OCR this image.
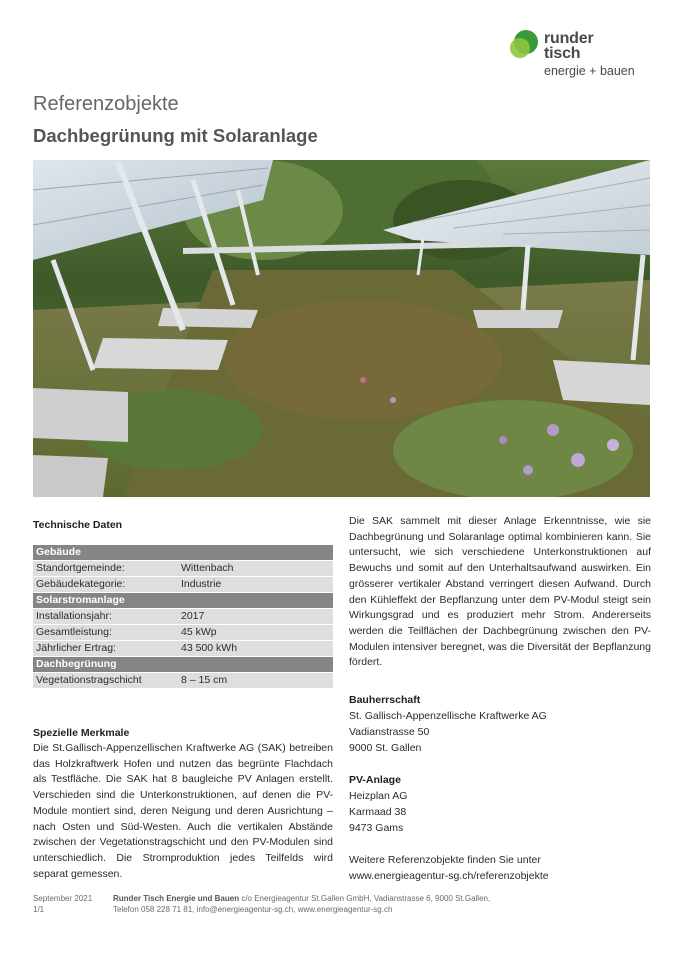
runder
tisch
energie + bauen
Referenzobjekte
Dachbegrünung mit Solaranlage
Technische Daten
Gebäude
Standortgemeinde:	Wittenbach
Gebäudekategorie:	Industrie
Solarstromanlage
Installationsjahr:	2017
Gesamtleistung:	45 kWp
Jährlicher Ertrag:	43 500 kWh
Dachbegrünung
Vegetationstragschicht	8 – 15 cm
Spezielle Merkmale
Die St.Gallisch-Appenzellischen Kraftwerke AG (SAK) betreiben das Holzkraftwerk Hofen und nutzen das begrünte Flachdach als Testfläche. Die SAK hat 8 baugleiche PV Anlagen erstellt. Verschieden sind die Unterkonstruktionen, auf denen die PV-Module montiert sind, deren Neigung und deren Ausrichtung – nach Osten und Süd-Westen. Auch die vertikalen Abstände zwischen der Vegetationstragschicht und den PV-Modulen sind unterschiedlich. Die Stromproduktion jedes Teilfelds wird separat gemessen.
Die SAK sammelt mit dieser Anlage Erkenntnisse, wie sie Dachbegrünung und Solaranlage optimal kombinieren kann. Sie untersucht, wie sich verschiedene Unterkonstruktionen auf Bewuchs und somit auf den Unterhaltsaufwand auswirken. Ein grösserer vertikaler Abstand verringert diesen Aufwand. Durch den Kühleffekt der Bepflanzung unter dem PV-Modul steigt sein Wirkungsgrad und es produziert mehr Strom. Andererseits werden die Teilflächen der Dachbegrünung zwischen den PV-Modulen intensiver beregnet, was die Diversität der Bepflanzung fördert.
Bauherrschaft
St. Gallisch-Appenzellische Kraftwerke AG
Vadianstrasse 50
9000 St. Gallen
PV-Anlage
Heizplan AG
Karmaad 38
9473 Gams
Weitere Referenzobjekte finden Sie unter
www.energieagentur-sg.ch/referenzobjekte
September 2021
1/1
Runder Tisch Energie und Bauen c/o Energieagentur St.Gallen GmbH, Vadianstrasse 6, 9000 St.Gallen,
Telefon 058 228 71 81, info@energieagentur-sg.ch, www.energieagentur-sg.ch
